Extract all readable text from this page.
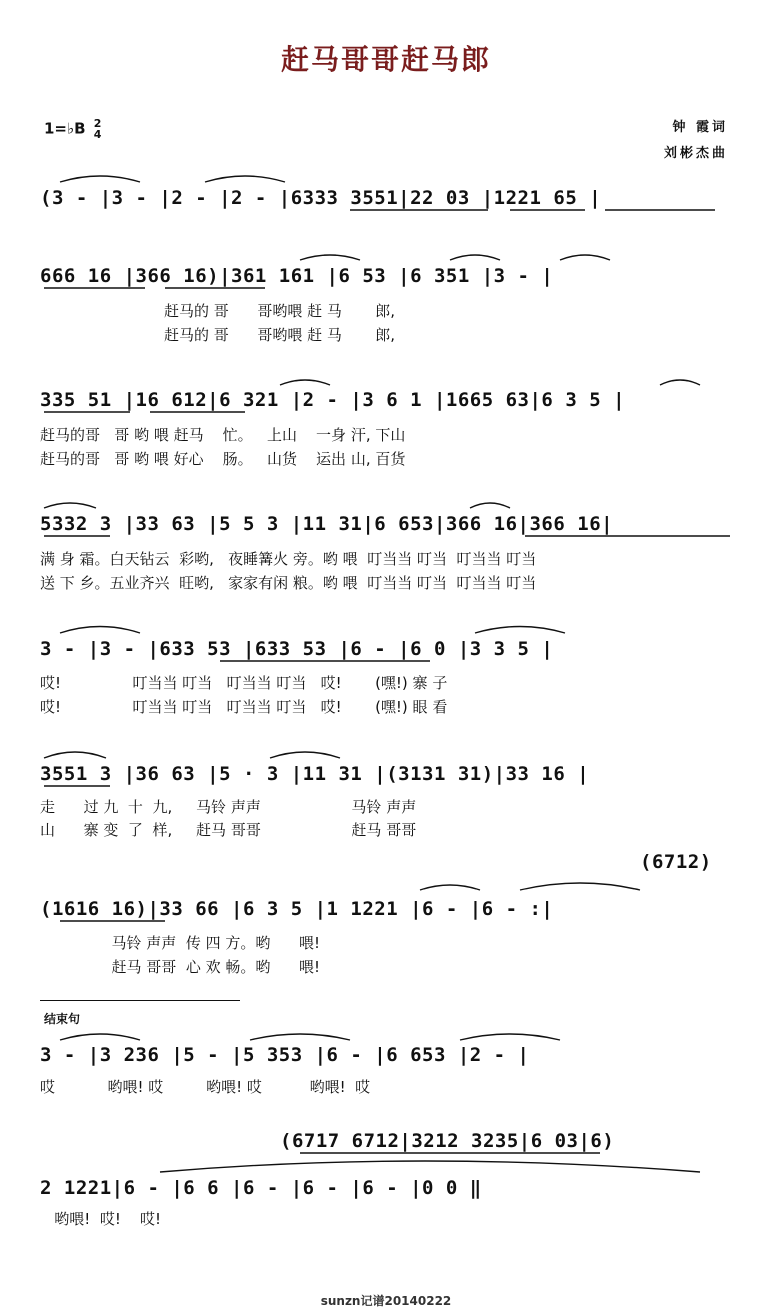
赶马哥哥赶马郎
1=♭B 2
4	钟 霞词
刘彬杰曲
(3 - |3 - |2 - |2 - |6333 3551|22 03 |1221 65 |
666 16 |366 16)|361 161 |6 53 |6 351 |3 - |
赶马的 哥      哥哟喂 赶 马       郎,
赶马的 哥      哥哟喂 赶 马       郎,
335 51 |16 612|6 321 |2 - |3 6 1 |1665 63|6 3 5 |
赶马的哥   哥 哟 喂 赶马    忙。   上山    一身 汗, 下山
赶马的哥   哥 哟 喂 好心    肠。   山货    运出 山, 百货
5332 3 |33 63 |5 5 3 |11 31|6 653|366 16|366 16|
满 身 霜。白天钻云  彩哟,   夜睡篝火 旁。哟 喂  叮当当 叮当  叮当当 叮当
送 下 乡。五业齐兴  旺哟,   家家有闲 粮。哟 喂  叮当当 叮当  叮当当 叮当
3 - |3 - |633 53 |633 53 |6 - |6 0 |3 3 5 |
哎!               叮当当 叮当   叮当当 叮当   哎!       (嘿!) 寨 子
哎!               叮当当 叮当   叮当当 叮当   哎!       (嘿!) 眼 看
3551 3 |36 63 |5 · 3 |11 31 |(3131 31)|33 16 |
走      过 九  十  九,     马铃 声声                   马铃 声声
山      寨 变  了  样,     赶马 哥哥                   赶马 哥哥
(6712)
(1616 16)|33 66 |6 3 5 |1 1221 |6 - |6 - :|
马铃 声声  传 四 方。哟      喂!
赶马 哥哥  心 欢 畅。哟      喂!
结束句
3 - |3 236 |5 - |5 353 |6 - |6 653 |2 - |
哎           哟喂! 哎         哟喂! 哎          哟喂!  哎
(6717 6712|3212 3235|6 03|6)
2 1221|6 - |6 6 |6 - |6 - |6 - |0 0 ‖
哟喂!  哎!    哎!
sunzn记谱20140222
